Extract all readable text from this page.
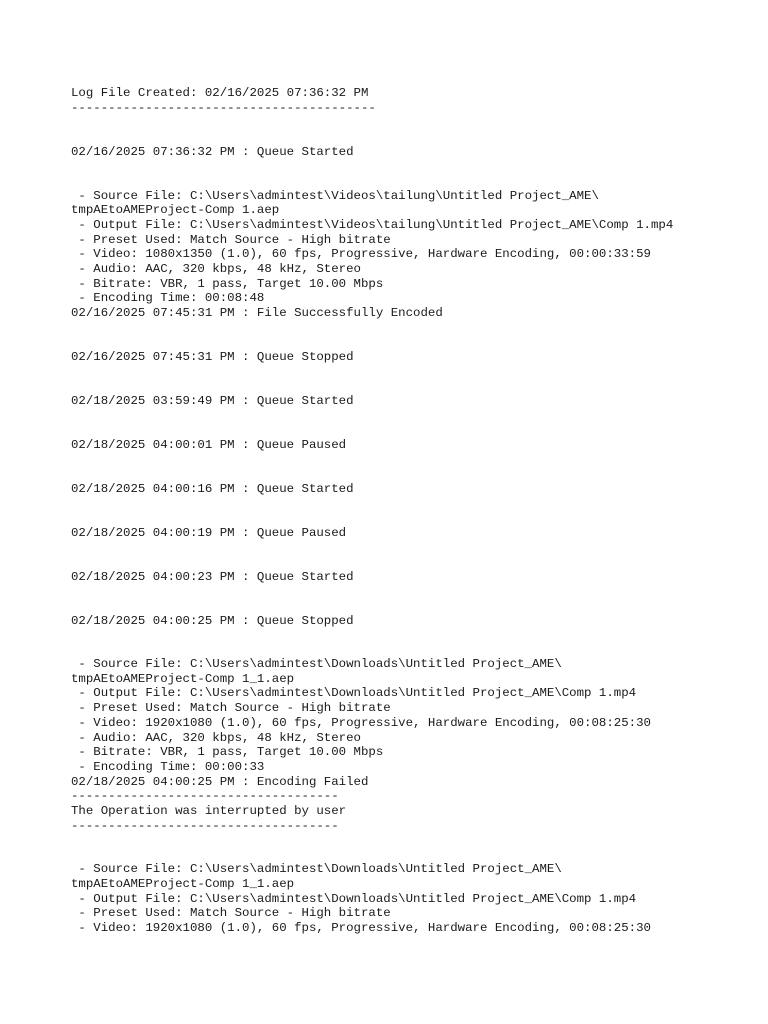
Log File Created: 02/16/2025 07:36:32 PM
-----------------------------------------
02/16/2025 07:36:32 PM : Queue Started
- Source File: C:\Users\admintest\Videos\tailung\Untitled Project_AME\
tmpAEtoAMEProject-Comp 1.aep
- Output File: C:\Users\admintest\Videos\tailung\Untitled Project_AME\Comp 1.mp4
- Preset Used: Match Source - High bitrate
- Video: 1080x1350 (1.0), 60 fps, Progressive, Hardware Encoding, 00:00:33:59
- Audio: AAC, 320 kbps, 48 kHz, Stereo
- Bitrate: VBR, 1 pass, Target 10.00 Mbps
- Encoding Time: 00:08:48
02/16/2025 07:45:31 PM : File Successfully Encoded
02/16/2025 07:45:31 PM : Queue Stopped
02/18/2025 03:59:49 PM : Queue Started
02/18/2025 04:00:01 PM : Queue Paused
02/18/2025 04:00:16 PM : Queue Started
02/18/2025 04:00:19 PM : Queue Paused
02/18/2025 04:00:23 PM : Queue Started
02/18/2025 04:00:25 PM : Queue Stopped
- Source File: C:\Users\admintest\Downloads\Untitled Project_AME\
tmpAEtoAMEProject-Comp 1_1.aep
- Output File: C:\Users\admintest\Downloads\Untitled Project_AME\Comp 1.mp4
- Preset Used: Match Source - High bitrate
- Video: 1920x1080 (1.0), 60 fps, Progressive, Hardware Encoding, 00:08:25:30
- Audio: AAC, 320 kbps, 48 kHz, Stereo
- Bitrate: VBR, 1 pass, Target 10.00 Mbps
- Encoding Time: 00:00:33
02/18/2025 04:00:25 PM : Encoding Failed
------------------------------------
The Operation was interrupted by user
------------------------------------
- Source File: C:\Users\admintest\Downloads\Untitled Project_AME\
tmpAEtoAMEProject-Comp 1_1.aep
- Output File: C:\Users\admintest\Downloads\Untitled Project_AME\Comp 1.mp4
- Preset Used: Match Source - High bitrate
- Video: 1920x1080 (1.0), 60 fps, Progressive, Hardware Encoding, 00:08:25:30
